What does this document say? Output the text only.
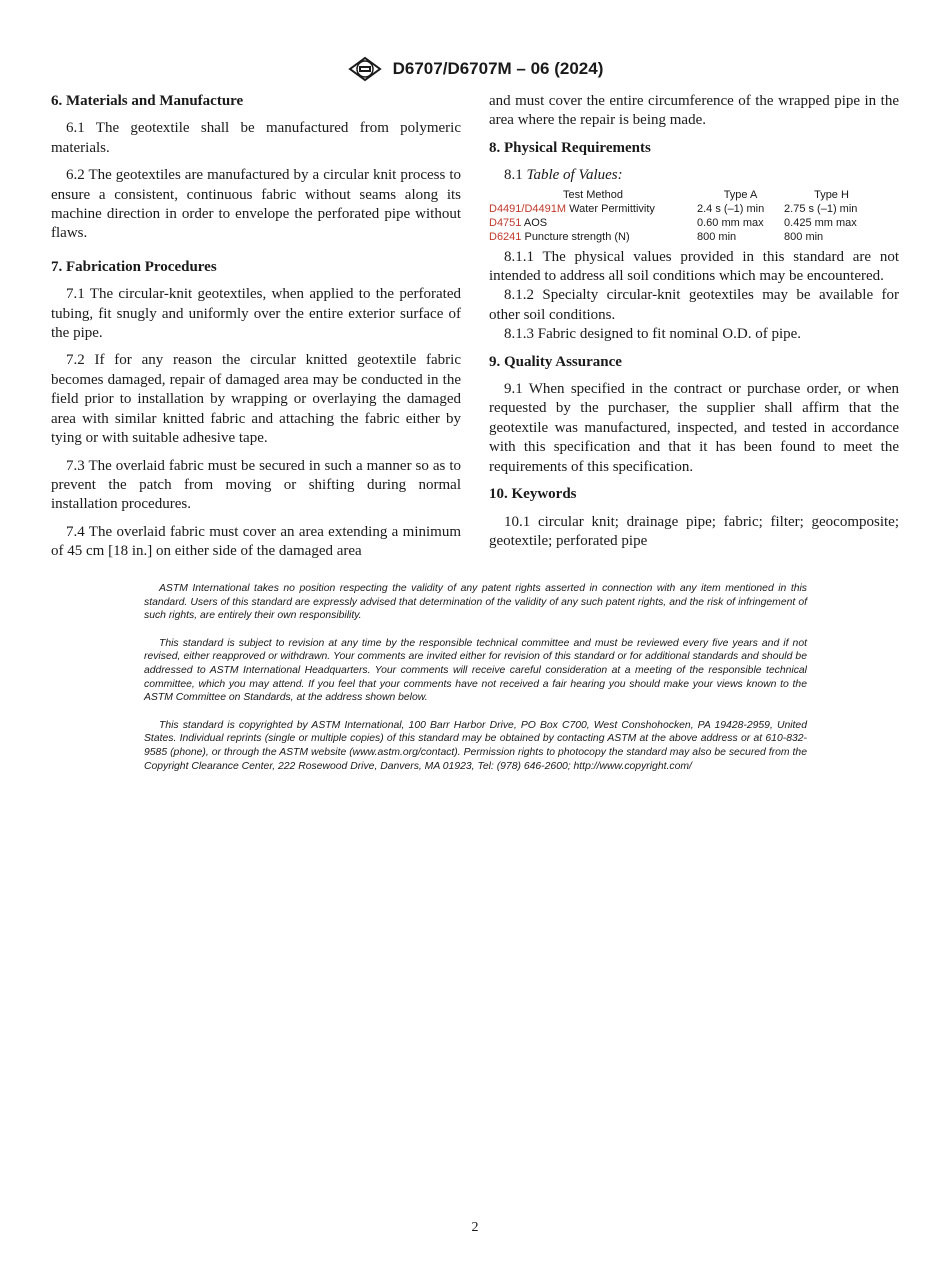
D6707/D6707M – 06 (2024)
6. Materials and Manufacture

6.1 The geotextile shall be manufactured from polymeric materials.

6.2 The geotextiles are manufactured by a circular knit process to ensure a consistent, continuous fabric without seams along its machine direction in order to envelope the perforated pipe without flaws.

7. Fabrication Procedures

7.1 The circular-knit geotextiles, when applied to the perforated tubing, fit snugly and uniformly over the entire exterior surface of the pipe.

7.2 If for any reason the circular knitted geotextile fabric becomes damaged, repair of damaged area may be conducted in the field prior to installation by wrapping or overlaying the damaged area with similar knitted fabric and attaching the fabric either by tying or with suitable adhesive tape.

7.3 The overlaid fabric must be secured in such a manner so as to prevent the patch from moving or shifting during normal installation procedures.

7.4 The overlaid fabric must cover an area extending a minimum of 45 cm [18 in.] on either side of the damaged area

and must cover the entire circumference of the wrapped pipe in the area where the repair is being made.

8. Physical Requirements

8.1 Table of Values:

Test Method	Type A	Type H
D4491/D4491M Water Permittivity	2.4 s (–1) min	2.75 s (–1) min
D4751 AOS	0.60 mm max	0.425 mm max
D6241 Puncture strength (N)	800 min	800 min

8.1.1 The physical values provided in this standard are not intended to address all soil conditions which may be encountered.

8.1.2 Specialty circular-knit geotextiles may be available for other soil conditions.

8.1.3 Fabric designed to fit nominal O.D. of pipe.

9. Quality Assurance

9.1 When specified in the contract or purchase order, or when requested by the purchaser, the supplier shall affirm that the geotextile was manufactured, inspected, and tested in accordance with this specification and that it has been found to meet the requirements of this specification.

10. Keywords

10.1 circular knit; drainage pipe; fabric; filter; geocomposite; geotextile; perforated pipe

ASTM International takes no position respecting the validity of any patent rights asserted in connection with any item mentioned in this standard. Users of this standard are expressly advised that determination of the validity of any such patent rights, and the risk of infringement of such rights, are entirely their own responsibility.

This standard is subject to revision at any time by the responsible technical committee and must be reviewed every five years and if not revised, either reapproved or withdrawn. Your comments are invited either for revision of this standard or for additional standards and should be addressed to ASTM International Headquarters. Your comments will receive careful consideration at a meeting of the responsible technical committee, which you may attend. If you feel that your comments have not received a fair hearing you should make your views known to the ASTM Committee on Standards, at the address shown below.

This standard is copyrighted by ASTM International, 100 Barr Harbor Drive, PO Box C700, West Conshohocken, PA 19428-2959, United States. Individual reprints (single or multiple copies) of this standard may be obtained by contacting ASTM at the above address or at 610-832-9585 (phone), or through the ASTM website (www.astm.org/contact). Permission rights to photocopy the standard may also be secured from the Copyright Clearance Center, 222 Rosewood Drive, Danvers, MA 01923, Tel: (978) 646-2600; http://www.copyright.com/

2
